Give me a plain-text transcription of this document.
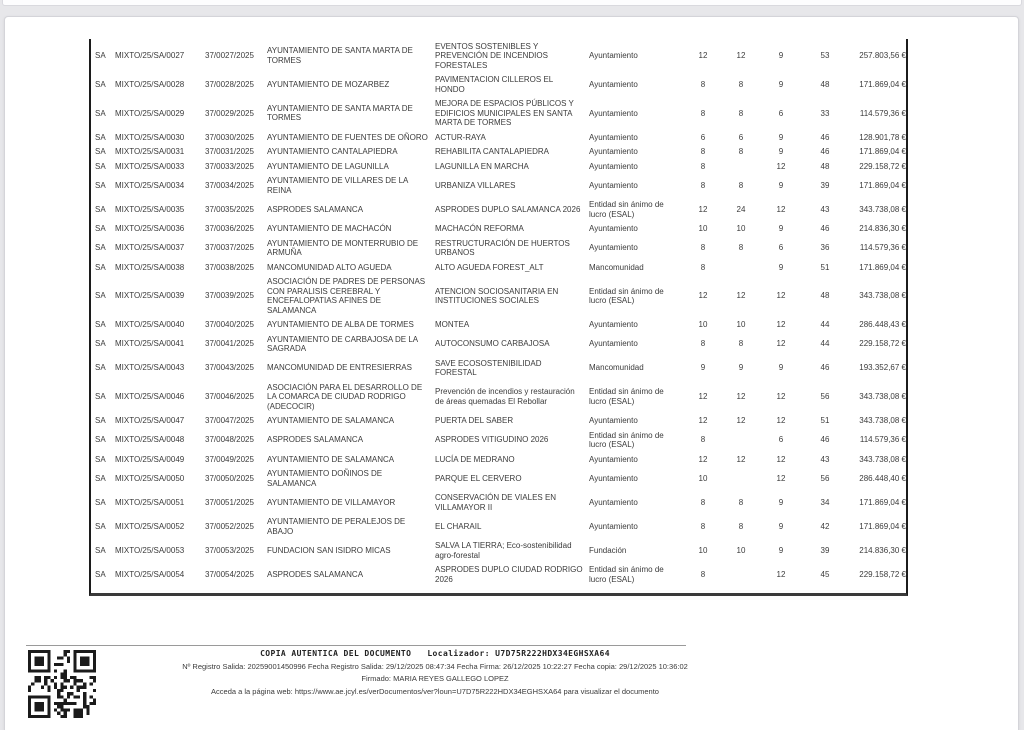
SA	MIXTO/25/SA/0027	37/0027/2025	AYUNTAMIENTO DE SANTA MARTA DE TORMES	EVENTOS SOSTENIBLES Y PREVENCIÓN DE INCENDIOS FORESTALES	Ayuntamiento	12	12	9	53	257.803,56 €
SA	MIXTO/25/SA/0028	37/0028/2025	AYUNTAMIENTO DE MOZARBEZ	PAVIMENTACION CILLEROS EL HONDO	Ayuntamiento	8	8	9	48	171.869,04 €
SA	MIXTO/25/SA/0029	37/0029/2025	AYUNTAMIENTO DE SANTA MARTA DE TORMES	MEJORA DE ESPACIOS PÚBLICOS Y EDIFICIOS MUNICIPALES EN SANTA MARTA DE TORMES	Ayuntamiento	8	8	6	33	114.579,36 €
SA	MIXTO/25/SA/0030	37/0030/2025	AYUNTAMIENTO DE FUENTES DE OÑORO	ACTUR-RAYA	Ayuntamiento	6	6	9	46	128.901,78 €
SA	MIXTO/25/SA/0031	37/0031/2025	AYUNTAMIENTO CANTALAPIEDRA	REHABILITA CANTALAPIEDRA	Ayuntamiento	8	8	9	46	171.869,04 €
SA	MIXTO/25/SA/0033	37/0033/2025	AYUNTAMIENTO DE LAGUNILLA	LAGUNILLA EN MARCHA	Ayuntamiento	8		12	48	229.158,72 €
SA	MIXTO/25/SA/0034	37/0034/2025	AYUNTAMIENTO DE VILLARES DE LA REINA	URBANIZA VILLARES	Ayuntamiento	8	8	9	39	171.869,04 €
SA	MIXTO/25/SA/0035	37/0035/2025	ASPRODES SALAMANCA	ASPRODES DUPLO SALAMANCA 2026	Entidad sin ánimo de lucro (ESAL)	12	24	12	43	343.738,08 €
SA	MIXTO/25/SA/0036	37/0036/2025	AYUNTAMIENTO DE MACHACÓN	MACHACÓN REFORMA	Ayuntamiento	10	10	9	46	214.836,30 €
SA	MIXTO/25/SA/0037	37/0037/2025	AYUNTAMIENTO DE MONTERRUBIO DE ARMUÑA	RESTRUCTURACIÓN DE HUERTOS URBANOS	Ayuntamiento	8	8	6	36	114.579,36 €
SA	MIXTO/25/SA/0038	37/0038/2025	MANCOMUNIDAD ALTO AGUEDA	ALTO AGUEDA FOREST_ALT	Mancomunidad	8		9	51	171.869,04 €
SA	MIXTO/25/SA/0039	37/0039/2025	ASOCIACIÓN DE PADRES DE PERSONAS CON PARALISIS CEREBRAL Y ENCEFALOPATIAS AFINES DE SALAMANCA	ATENCION SOCIOSANITARIA EN INSTITUCIONES SOCIALES	Entidad sin ánimo de lucro (ESAL)	12	12	12	48	343.738,08 €
SA	MIXTO/25/SA/0040	37/0040/2025	AYUNTAMIENTO DE ALBA DE TORMES	MONTEA	Ayuntamiento	10	10	12	44	286.448,43 €
SA	MIXTO/25/SA/0041	37/0041/2025	AYUNTAMIENTO DE CARBAJOSA DE LA SAGRADA	AUTOCONSUMO CARBAJOSA	Ayuntamiento	8	8	12	44	229.158,72 €
SA	MIXTO/25/SA/0043	37/0043/2025	MANCOMUNIDAD DE ENTRESIERRAS	SAVE ECOSOSTENIBILIDAD FORESTAL	Mancomunidad	9	9	9	46	193.352,67 €
SA	MIXTO/25/SA/0046	37/0046/2025	ASOCIACIÓN PARA EL DESARROLLO DE LA COMARCA DE CIUDAD RODRIGO (ADECOCIR)	Prevención de incendios y restauración de áreas quemadas El Rebollar	Entidad sin ánimo de lucro (ESAL)	12	12	12	56	343.738,08 €
SA	MIXTO/25/SA/0047	37/0047/2025	AYUNTAMIENTO DE SALAMANCA	PUERTA DEL SABER	Ayuntamiento	12	12	12	51	343.738,08 €
SA	MIXTO/25/SA/0048	37/0048/2025	ASPRODES SALAMANCA	ASPRODES VITIGUDINO 2026	Entidad sin ánimo de lucro (ESAL)	8		6	46	114.579,36 €
SA	MIXTO/25/SA/0049	37/0049/2025	AYUNTAMIENTO DE SALAMANCA	LUCÍA DE MEDRANO	Ayuntamiento	12	12	12	43	343.738,08 €
SA	MIXTO/25/SA/0050	37/0050/2025	AYUNTAMIENTO DOÑINOS DE SALAMANCA	PARQUE EL CERVERO	Ayuntamiento	10		12	56	286.448,40 €
SA	MIXTO/25/SA/0051	37/0051/2025	AYUNTAMIENTO DE VILLAMAYOR	CONSERVACIÓN DE VIALES EN VILLAMAYOR II	Ayuntamiento	8	8	9	34	171.869,04 €
SA	MIXTO/25/SA/0052	37/0052/2025	AYUNTAMIENTO DE PERALEJOS DE ABAJO	EL CHARAIL	Ayuntamiento	8	8	9	42	171.869,04 €
SA	MIXTO/25/SA/0053	37/0053/2025	FUNDACION SAN ISIDRO MICAS	SALVA LA TIERRA; Eco-sostenibilidad agro-forestal	Fundación	10	10	9	39	214.836,30 €
SA	MIXTO/25/SA/0054	37/0054/2025	ASPRODES SALAMANCA	ASPRODES DUPLO CIUDAD RODRIGO 2026	Entidad sin ánimo de lucro (ESAL)	8		12	45	229.158,72 €
COPIA AUTENTICA DEL DOCUMENTO Localizador: U7D75R222HDX34EGHSXA64
Nº Registro Salida: 20259001450996 Fecha Registro Salida: 29/12/2025 08:47:34 Fecha Firma: 26/12/2025 10:22:27 Fecha copia: 29/12/2025 10:36:02
Firmado: MARIA REYES GALLEGO LOPEZ
Acceda a la página web: https://www.ae.jcyl.es/verDocumentos/ver?loun=U7D75R222HDX34EGHSXA64 para visualizar el documento
